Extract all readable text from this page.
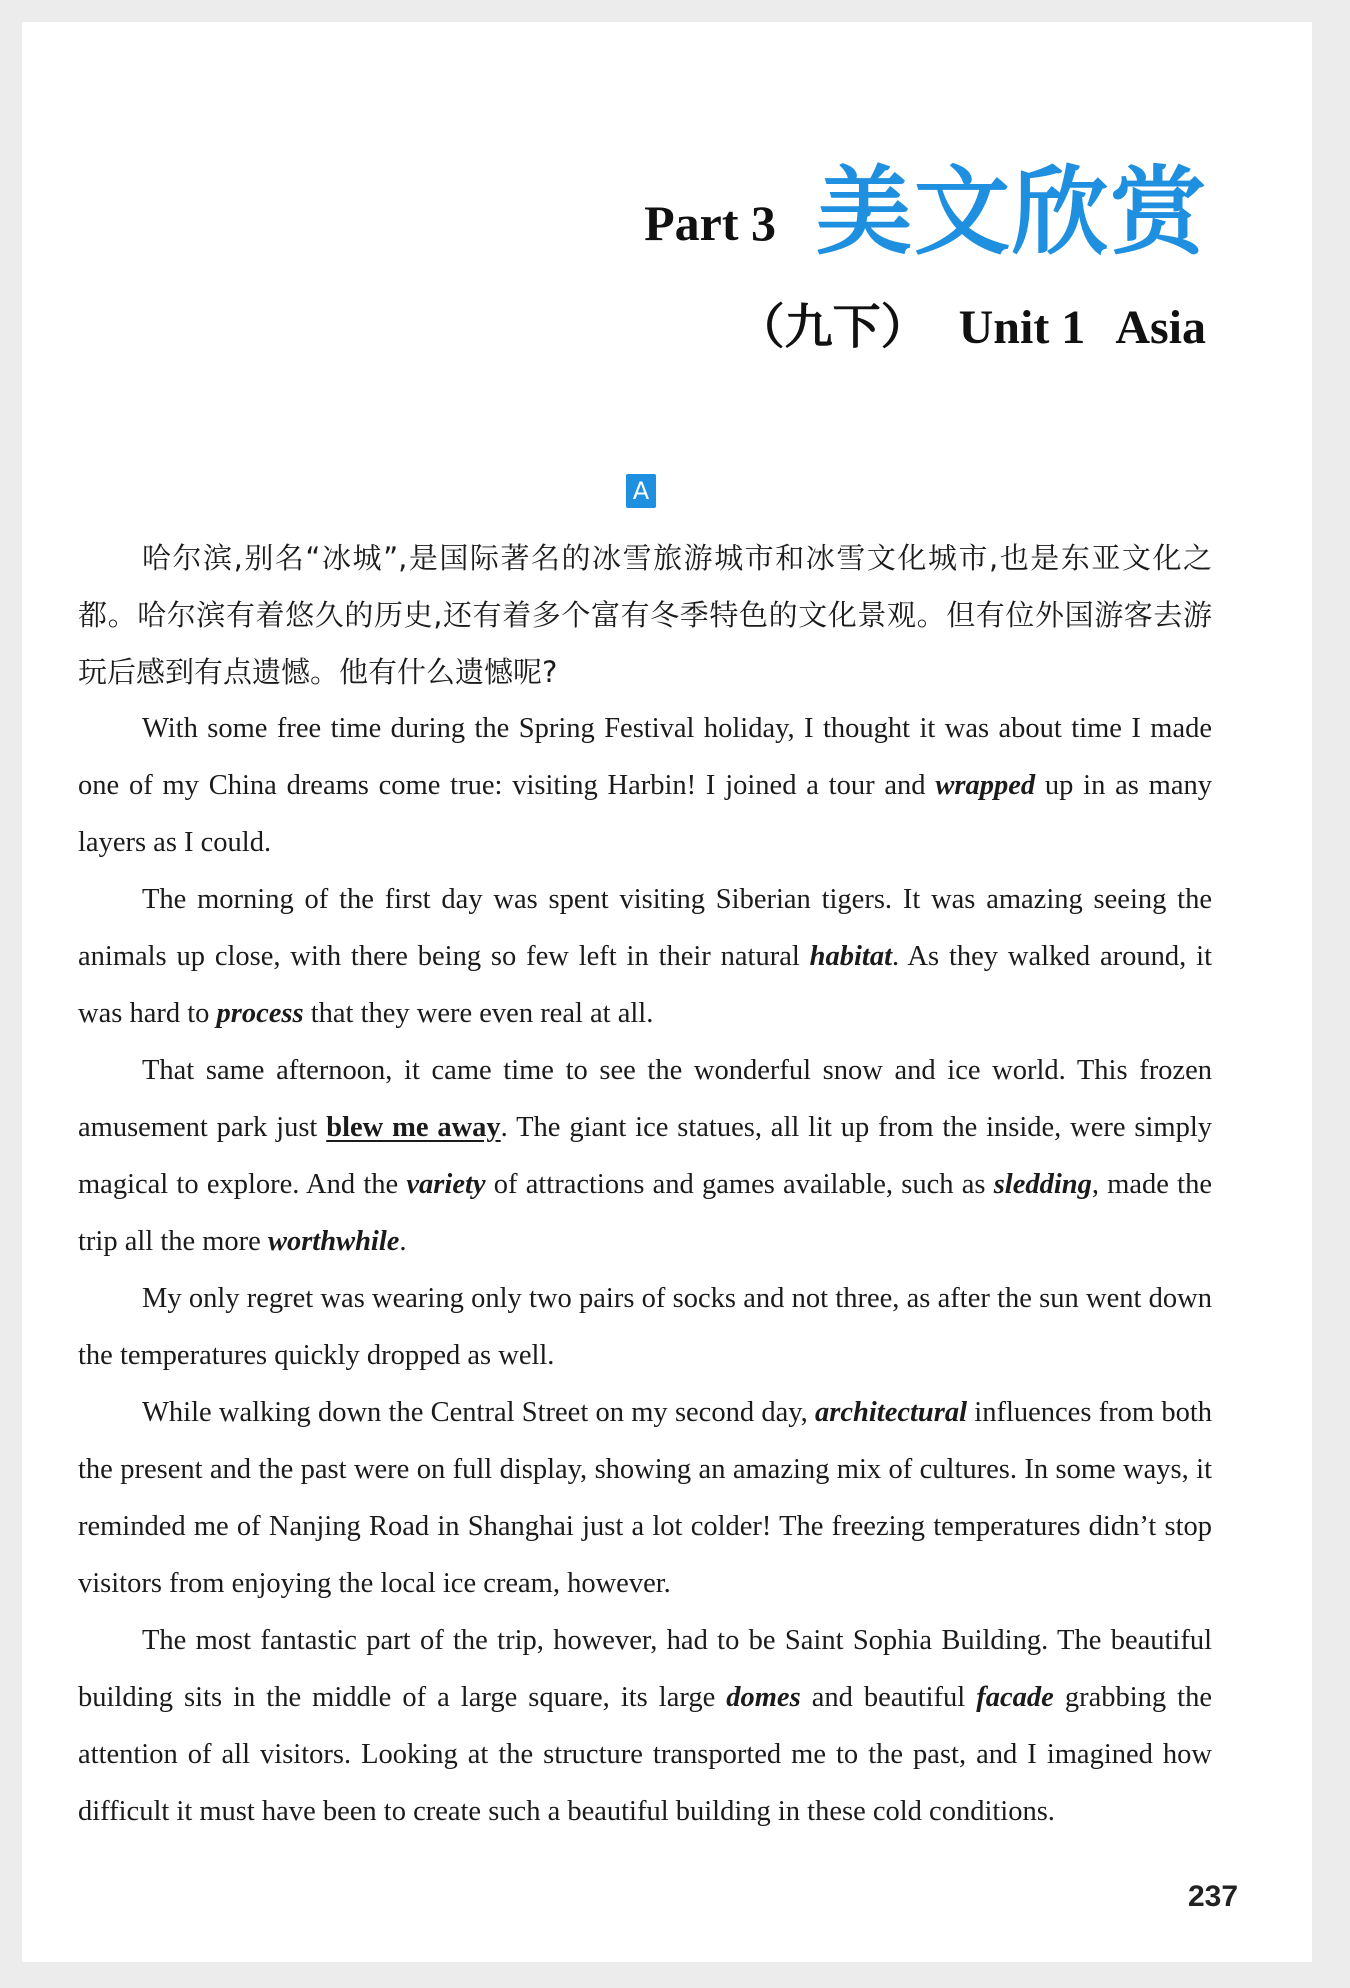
Part 3 美文欣赏
（九下） Unit 1 Asia
A
哈尔滨,别名“冰城”,是国际著名的冰雪旅游城市和冰雪文化城市,也是东亚文化之都。哈尔滨有着悠久的历史,还有着多个富有冬季特色的文化景观。但有位外国游客去游玩后感到有点遗憾。他有什么遗憾呢?

With some free time during the Spring Festival holiday, I thought it was about time I made one of my China dreams come true: visiting Harbin! I joined a tour and wrapped up in as many layers as I could.

The morning of the first day was spent visiting Siberian tigers. It was amazing seeing the animals up close, with there being so few left in their natural habitat. As they walked around, it was hard to process that they were even real at all.

That same afternoon, it came time to see the wonderful snow and ice world. This frozen amusement park just blew me away. The giant ice statues, all lit up from the inside, were simply magical to explore. And the variety of attractions and games available, such as sledding, made the trip all the more worthwhile.

My only regret was wearing only two pairs of socks and not three, as after the sun went down the temperatures quickly dropped as well.

While walking down the Central Street on my second day, architectural influences from both the present and the past were on full display, showing an amazing mix of cultures. In some ways, it reminded me of Nanjing Road in Shanghai just a lot colder! The freezing temperatures didn’t stop visitors from enjoying the local ice cream, however.

The most fantastic part of the trip, however, had to be Saint Sophia Building. The beautiful building sits in the middle of a large square, its large domes and beautiful facade grabbing the attention of all visitors. Looking at the structure transported me to the past, and I imagined how difficult it must have been to create such a beautiful building in these cold conditions.

237
